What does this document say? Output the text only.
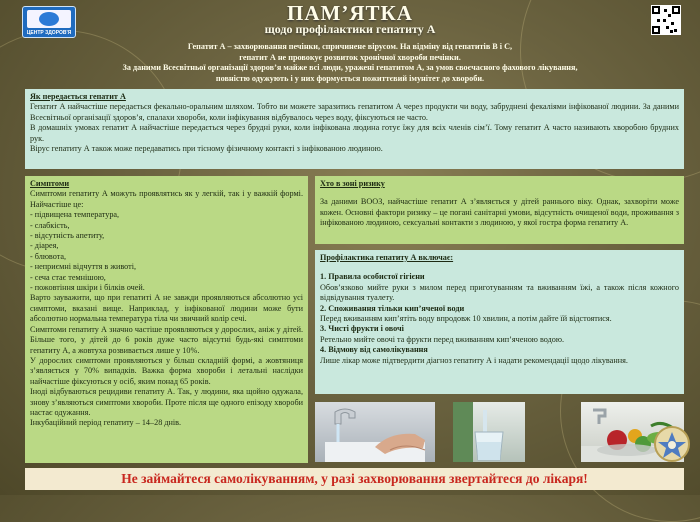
ЦЕНТР ЗДОРОВ'Я
ПАМ’ЯТКА
щодо профілактики гепатиту А

Гепатит А – захворювання печінки, спричинене вірусом. На відміну від гепатитів В і С,

гепатит А не провокує розвиток хронічної хвороби печінки.

За даними Всесвітньої організації здоров’я майже всі люди, уражені гепатитом А, за умов своєчасного фахового лікування,

повністю одужують і у них формується пожиттєвий імунітет до хвороби.

Як передається гепатит А

Гепатит А найчастіше передається фекально-оральним шляхом. Тобто ви можете заразитись гепатитом А через продукти чи воду, забруднені фекаліями інфікованої людини. За даними Всесвітньої організації здоров’я, спалахи хвороби, коли інфікування відбувалось через воду, фіксуються не часто.

В домашніх умовах гепатит А найчастіше передається через брудні руки, коли інфікована людина готує їжу для всіх членів сім’ї. Тому гепатит А часто називають хворобою брудних рук.

Вірус гепатиту А також може передаватись при тісному фізичному контакті з інфікованою людиною.

Симптоми

Симптоми гепатиту А можуть проявлятись як у легкій, так і у важкій формі. Найчастіше це:

- підвищена температура,

- слабкість,

- відсутність апетиту,

- діарея,

- блювота,

- неприємні відчуття в животі,

- сеча стає темнішою,

- пожовтіння шкіри і білків очей.

Варто зауважити, що при гепатиті А не завжди проявляються абсолютно усі симптоми, вказані вище. Наприклад, у інфікованої людини може бути абсолютно нормальна температура тіла чи звичний колір сечі.

Симптоми гепатиту А значно частіше проявляються у дорослих, аніж у дітей. Більше того, у дітей до 6 років дуже часто відсутні будь-які симптоми гепатиту А, а жовтуха розвивається лише у 10%.

У дорослих симптоми проявляються у більш складній формі, а жовтяниця з’являється у 70% випадків. Важка форма хвороби і летальні наслідки найчастіше фіксуються у осіб, яким понад 65 років.

Іноді відбуваються рецидиви гепатиту А. Так, у людини, яка щойно одужала, знову з’являються симптоми хвороби. Проте після ще одного епізоду хвороби настає одужання.

Інкубаційний період гепатиту – 14–28 днів.

Хто в зоні ризику

За даними ВООЗ, найчастіше гепатит А з’являється у дітей раннього віку. Однак, захворіти може кожен. Основні фактори ризику – це погані санітарні умови, відсутність очищеної води, проживання з інфікованою людиною, сексуальні контакти з людиною, у якої гостра форма гепатиту А.

Профілактика гепатиту А включає:

1. Правила особистої гігієни

Обов’язково мийте руки з милом перед приготуванням та вживанням їжі, а також після кожного відвідування туалету.

2. Споживання тільки кип’яченої води

Перед вживанням кип’ятіть воду впродовж 10 хвилин, а потім дайте їй відстоятися.

3. Чисті фрукти і овочі

Ретельно мийте овочі та фрукти перед вживанням кип’яченою водою.

4. Відмову від самолікування

Лише лікар може підтвердити діагноз гепатиту А і надати рекомендації щодо лікування.

Не займайтеся самолікуванням, у разі захворювання звертайтеся до лікаря!
